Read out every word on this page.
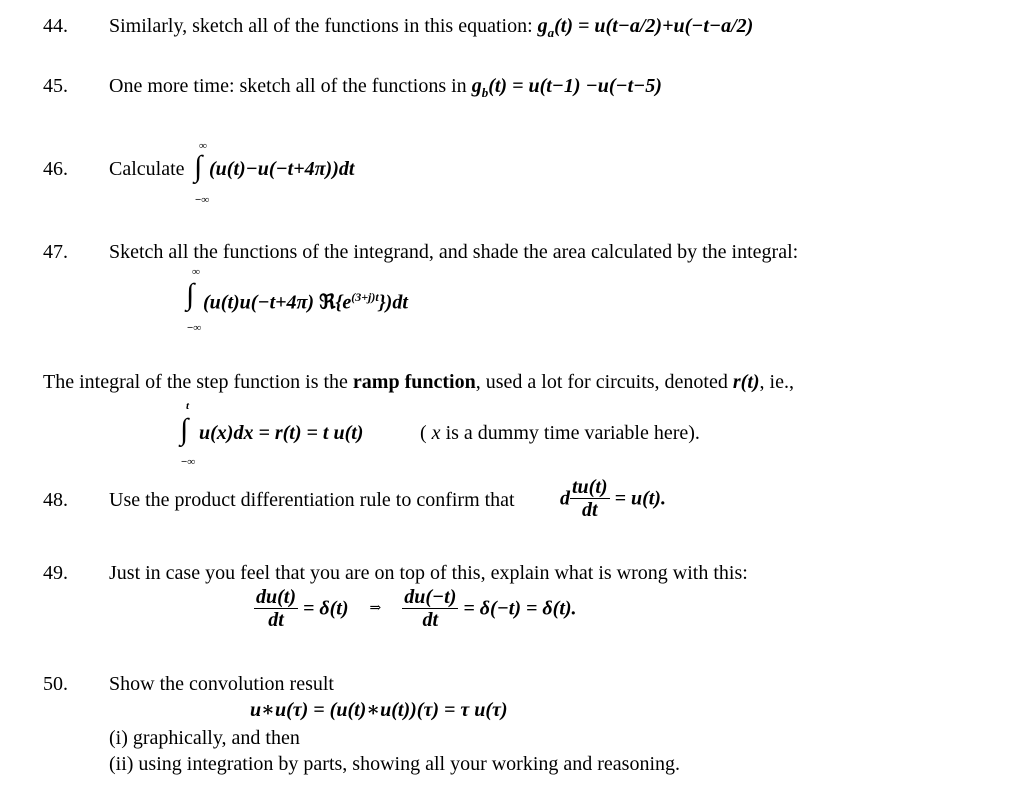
44. Similarly, sketch all of the functions in this equation: $g_a(t) = u(t-a/2)+u(-t-a/2)$
45. One more time: sketch all of the functions in $g_b(t) = u(t-1) -u(-t-5)$
46. Calculate
∞
∫
−∞
(u(t)−u(−t+4π))dt
47. Sketch all the functions of the integrand, and shade the area calculated by the integral:
∞
∫
−∞
(u(t)u(−t+4π) $ℜ\{e^{(3+j)t}\})dt$
The integral of the step function is the ramp function, used a lot for circuits, denoted r(t), ie.,
t
∫
−∞
u(x)dx = r(t) = t u(t)	( x is a dummy time variable here).
48. Use the product differentiation rule to confirm that d $\frac{tu(t)}{dt} = u(t)$.
49. Just in case you feel that you are on top of this, explain what is wrong with this:
$\frac{du(t)}{dt} = \delta(t)$ ⇒ $\frac{du(-t)}{dt} = \delta(-t) = \delta(t)$.
50. Show the convolution result
u∗u(τ) = (u(t)∗u(t))(τ) = τ u(τ)
(i) graphically, and then
(ii) using integration by parts, showing all your working and reasoning.
